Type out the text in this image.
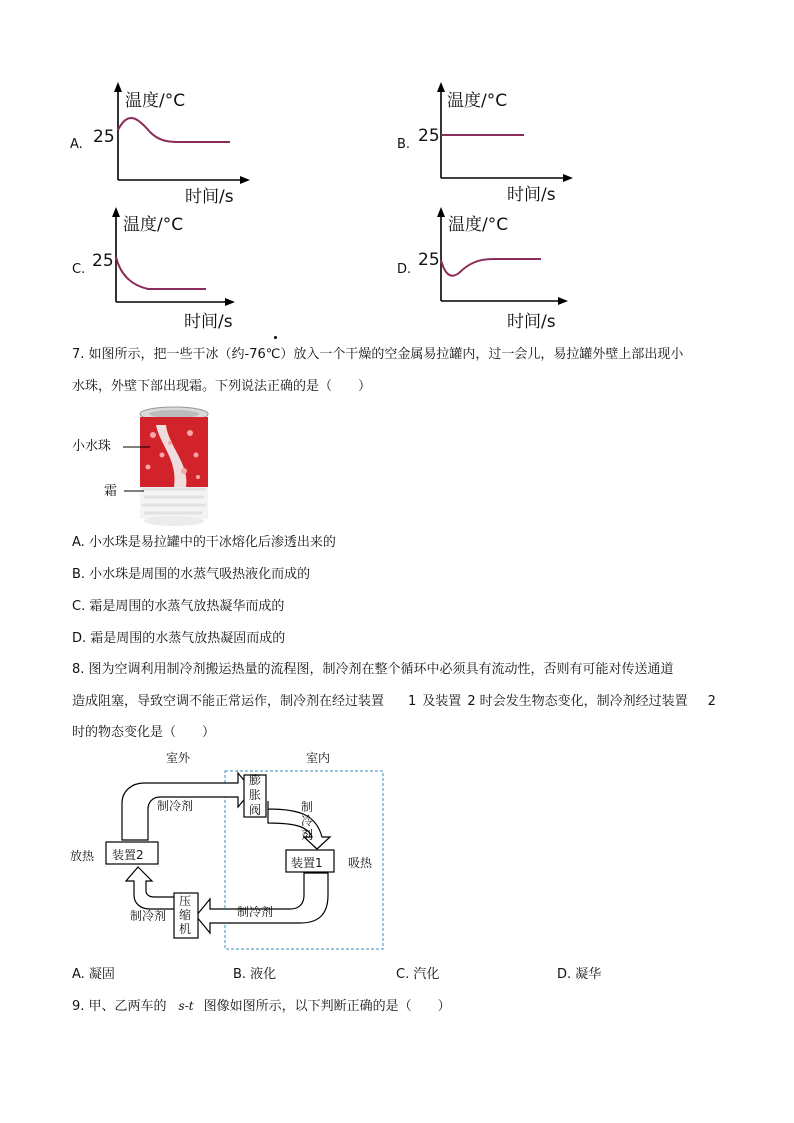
A.
温度/°C
25
时间/s
B.
温度/°C
25
时间/s
C.
温度/°C
25
时间/s
D.
温度/°C
25
时间/s
7. 如图所示，把一些干冰（约-76℃）放入一个干燥的空金属易拉罐内，过一会儿，易拉罐外壁上部出现小
水珠，外壁下部出现霜。下列说法正确的是（　　）
小水珠
霜
A. 小水珠是易拉罐中的干冰熔化后渗透出来的
B. 小水珠是周围的水蒸气吸热液化而成的
C. 霜是周围的水蒸气放热凝华而成的
D. 霜是周围的水蒸气放热凝固而成的
8. 图为空调利用制冷剂搬运热量的流程图，制冷剂在整个循环中必须具有流动性，否则有可能对传送通道
造成阻塞，导致空调不能正常运作，制冷剂在经过装置 1 及装置 2 时会发生物态变化，制冷剂经过装置 2
时的物态变化是（　　）
室外	室内
制冷剂
膨
胀
阀	制
冷
剂
装置1
装置2
放热	吸热
压
缩
机
制冷剂
制冷剂
A. 凝固	B. 液化	C. 汽化	D. 凝华
9. 甲、乙两车的 s-t 图像如图所示，以下判断正确的是（　　）
